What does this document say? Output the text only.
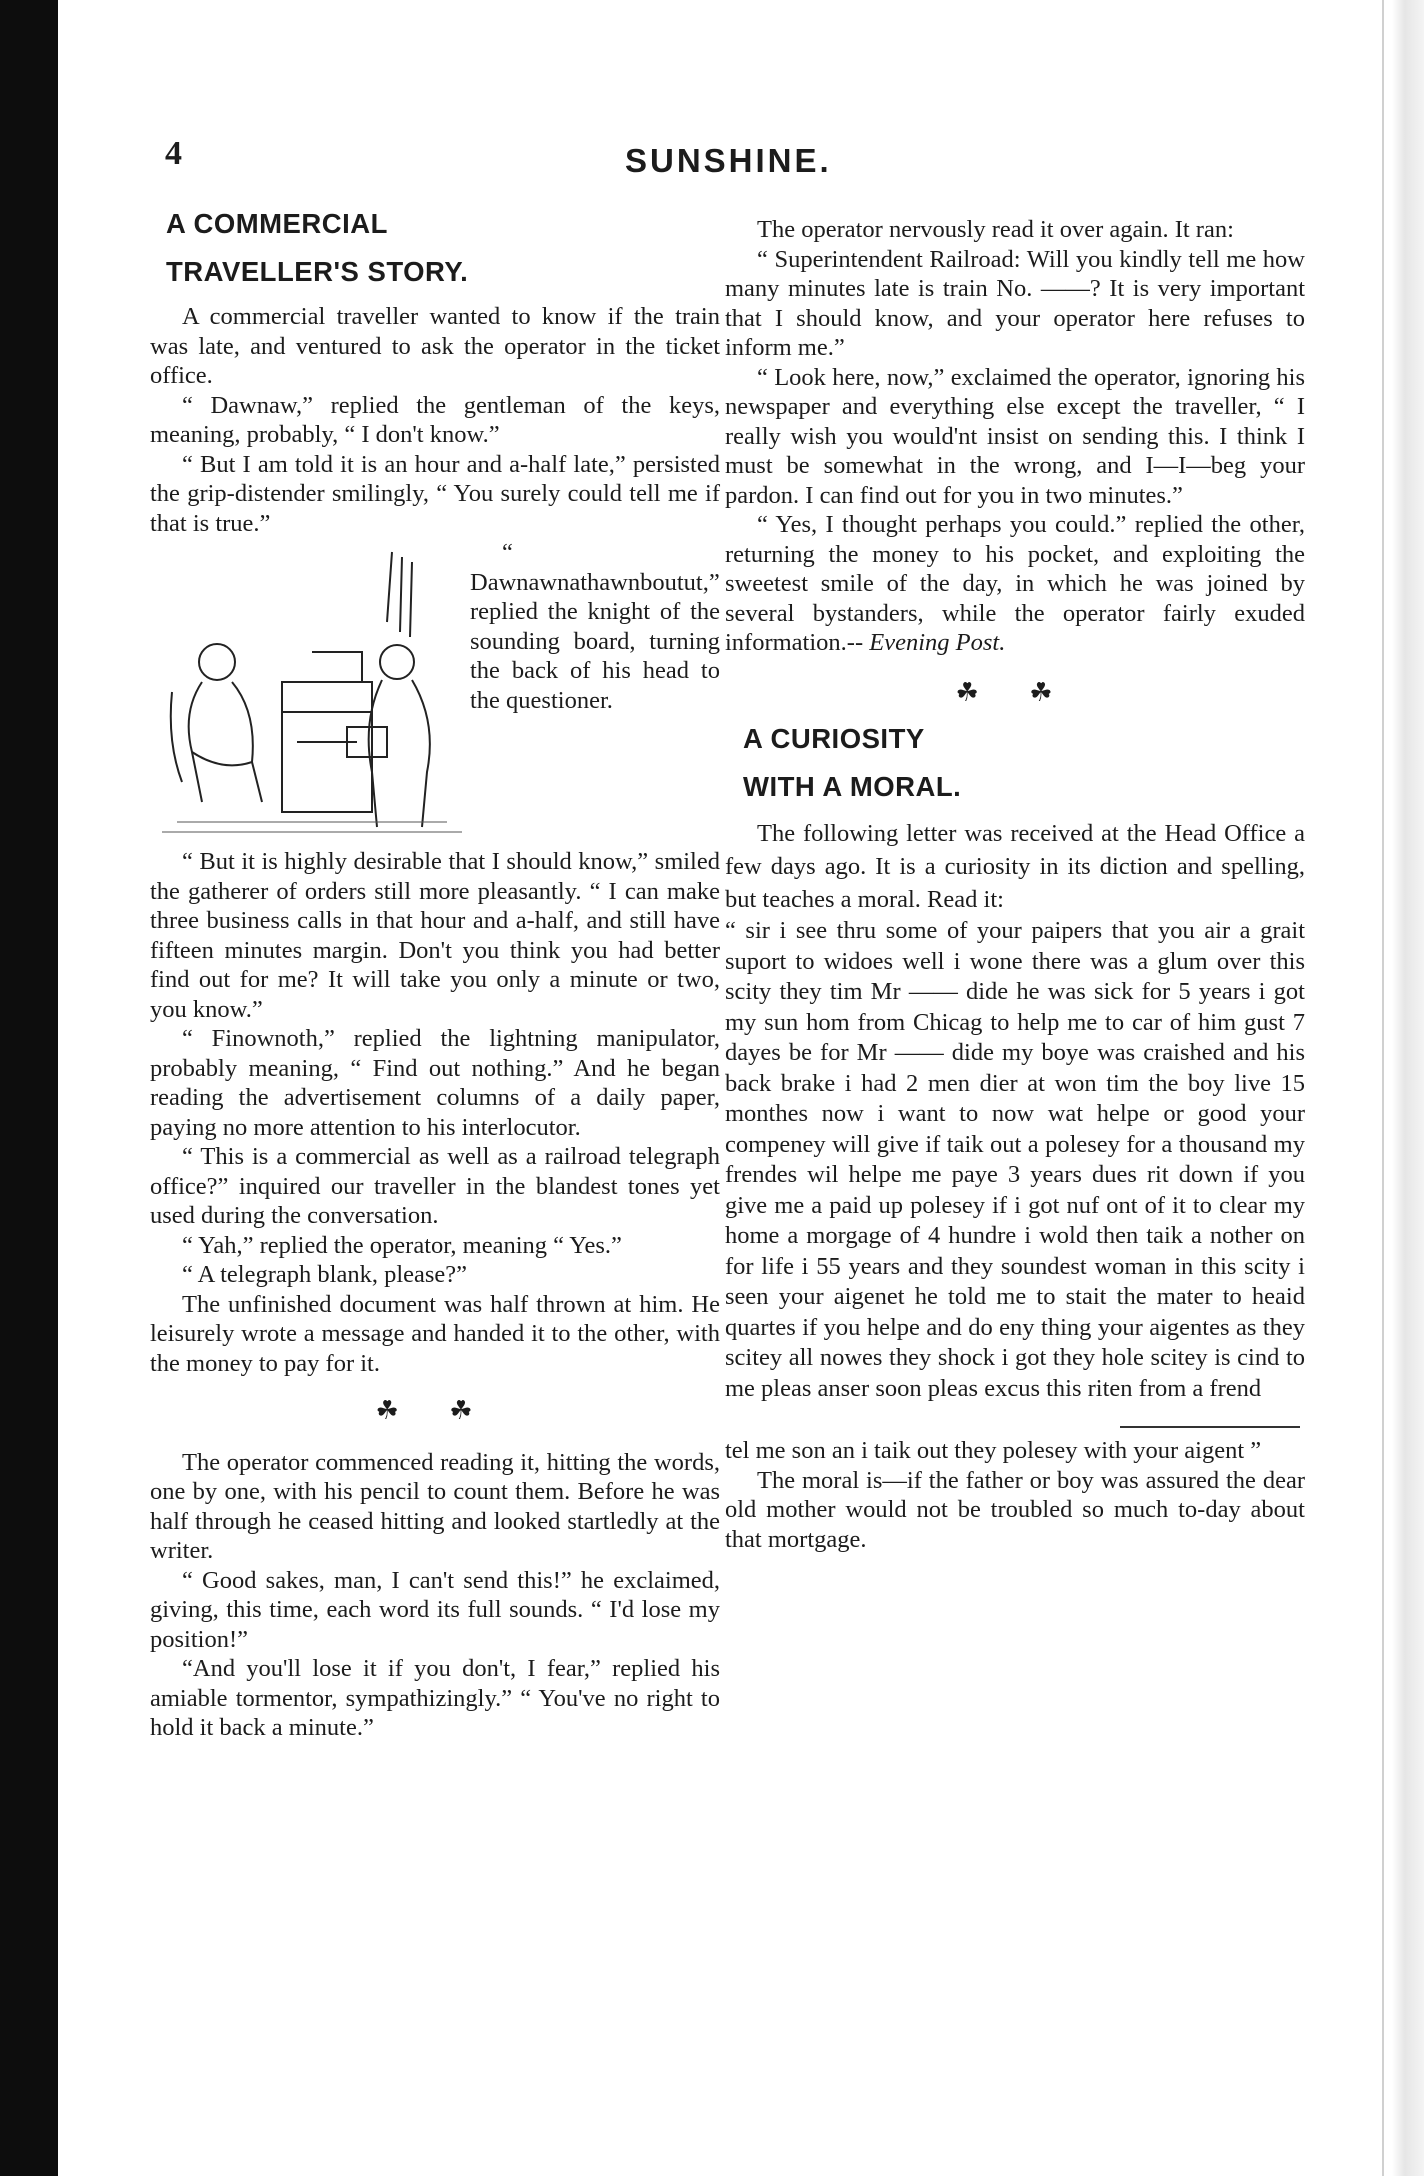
4	SUNSHINE.
A COMMERCIAL
TRAVELLER'S STORY.

A commercial traveller wanted to know if the train was late, and ventured to ask the operator in the ticket office.

“ Dawnaw,” replied the gentleman of the keys, meaning, probably, “ I don't know.”

“ But I am told it is an hour and a-half late,” persisted the grip-distender smilingly, “ You surely could tell me if that is true.”

“ Dawnawnathawnboutut,” replied the knight of the sounding board, turning the back of his head to the questioner.

“ But it is highly desirable that I should know,” smiled the gatherer of orders still more pleasantly. “ I can make three business calls in that hour and a-half, and still have fifteen minutes margin. Don't you think you had better find out for me? It will take you only a minute or two, you know.”

“ Finownoth,” replied the lightning manipulator, probably meaning, “ Find out nothing.” And he began reading the advertisement columns of a daily paper, paying no more attention to his interlocutor.

“ This is a commercial as well as a railroad telegraph office?” inquired our traveller in the blandest tones yet used during the conversation.

“ Yah,” replied the operator, meaning “ Yes.”

“ A telegraph blank, please?”

The unfinished document was half thrown at him. He leisurely wrote a message and handed it to the other, with the money to pay for it.

☘ ☘

The operator commenced reading it, hitting the words, one by one, with his pencil to count them. Before he was half through he ceased hitting and looked startledly at the writer.

“ Good sakes, man, I can't send this!” he exclaimed, giving, this time, each word its full sounds. “ I'd lose my position!”

“And you'll lose it if you don't, I fear,” replied his amiable tormentor, sympathizingly.” “ You've no right to hold it back a minute.”

The operator nervously read it over again. It ran:

“ Superintendent Railroad: Will you kindly tell me how many minutes late is train No. ——? It is very important that I should know, and your operator here refuses to inform me.”

“ Look here, now,” exclaimed the operator, ignoring his newspaper and everything else except the traveller, “ I really wish you would'nt insist on sending this. I think I must be somewhat in the wrong, and I—I—beg your pardon. I can find out for you in two minutes.”

“ Yes, I thought perhaps you could.” replied the other, returning the money to his pocket, and exploiting the sweetest smile of the day, in which he was joined by several bystanders, while the operator fairly exuded information.-- Evening Post.

☘ ☘
A CURIOSITY
WITH A MORAL.

The following letter was received at the Head Office a few days ago. It is a curiosity in its diction and spelling, but teaches a moral. Read it:

“ sir i see thru some of your paipers that you air a grait suport to widoes well i wone there was a glum over this scity they tim Mr —— dide he was sick for 5 years i got my sun hom from Chicag to help me to car of him gust 7 dayes be for Mr —— dide my boye was craished and his back brake i had 2 men dier at won tim the boy live 15 monthes now i want to now wat helpe or good your compeney will give if taik out a polesey for a thousand my frendes wil helpe me paye 3 years dues rit down if you give me a paid up polesey if i got nuf ont of it to clear my home a morgage of 4 hundre i wold then taik a nother on for life i 55 years and they soundest woman in this scity i seen your aigenet he told me to stait the mater to heaid quartes if you helpe and do eny thing your aigentes as they scitey all nowes they shock i got they hole scitey is cind to me pleas anser soon pleas excus this riten from a frend

tel me son an i taik out they polesey with your aigent ”

The moral is—if the father or boy was assured the dear old mother would not be troubled so much to-day about that mortgage.
